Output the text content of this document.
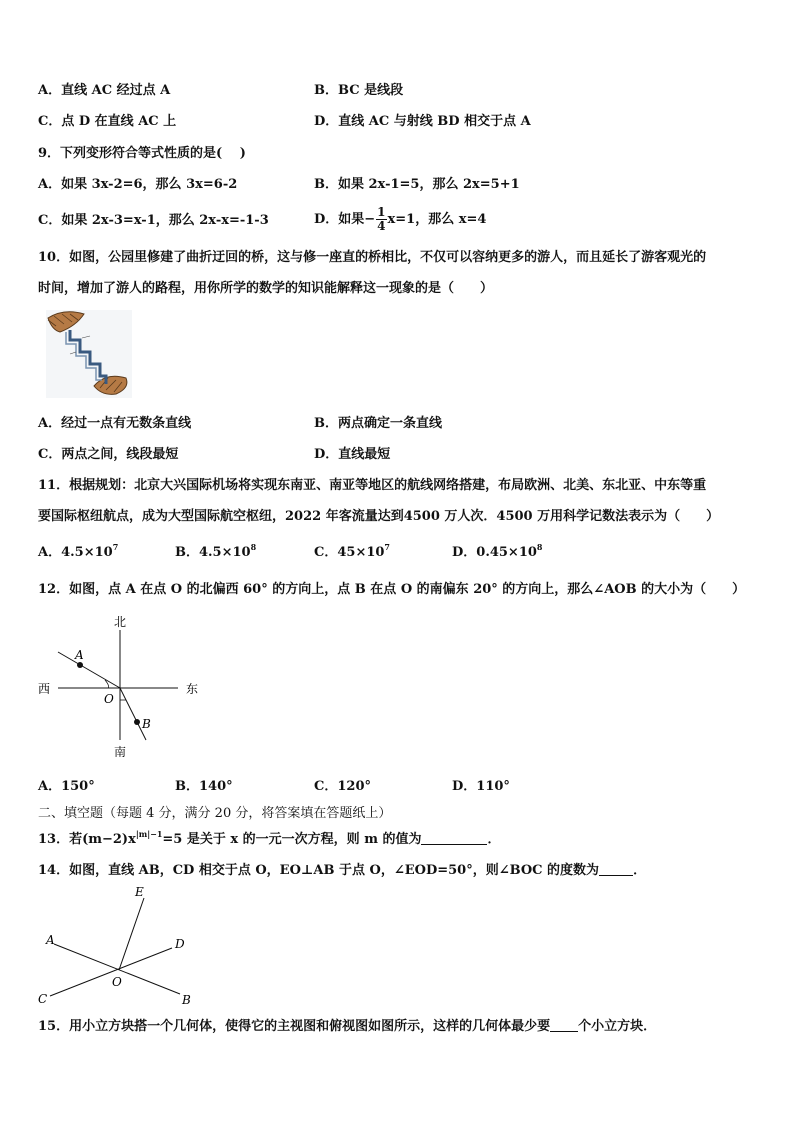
A．直线 AC 经过点 A	B．BC 是线段
C．点 D 在直线 AC 上	D．直线 AC 与射线 BD 相交于点 A
9．下列变形符合等式性质的是(　 )
A．如果 3x-2=6，那么 3x=6-2	B．如果 2x-1=5，那么 2x=5+1
C．如果 2x-3=x-1，那么 2x-x=-1-3	D．如果− $\frac{1}{4} x=1$，那么 x=4
10．如图，公园里修建了曲折迂回的桥，这与修一座直的桥相比，不仅可以容纳更多的游人，而且延长了游客观光的
时间，增加了游人的路程，用你所学的数学的知识能解释这一现象的是（　　）
A．经过一点有无数条直线	B．两点确定一条直线
C．两点之间，线段最短	D．直线最短
11．根据规划：北京大兴国际机场将实现东南亚、南亚等地区的航线网络搭建，布局欧洲、北美、东北亚、中东等重
要国际枢纽航点，成为大型国际航空枢纽，2022 年客流量达到4500 万人次．4500 万用科学记数法表示为（　　）
A．$4.5\times 10^7$	B．$4.5\times 10^8$	C．$45\times 10^7$	D．$0.45\times 10^8$
12．如图，点 A 在点 O 的北偏西 60° 的方向上，点 B 在点 O 的南偏东 20° 的方向上，那么∠AOB 的大小为（　　）
北
南
西	东
A
B
O
A．150°	B．140°	C．120°	D．110°
二、填空题（每题 4 分，满分 20 分，将答案填在答题纸上）
13．若$(m-2)x^{|m|-1}=5$ 是关于 x 的一元一次方程，则 m 的值为	．
14．如图，直线 AB，CD 相交于点 O，EO⊥AB 于点 O，∠EOD=50°，则∠BOC 的度数为	．
E
A	D
O
C	B
15．用小立方块搭一个几何体，使得它的主视图和俯视图如图所示，这样的几何体最少要 个小立方块．
